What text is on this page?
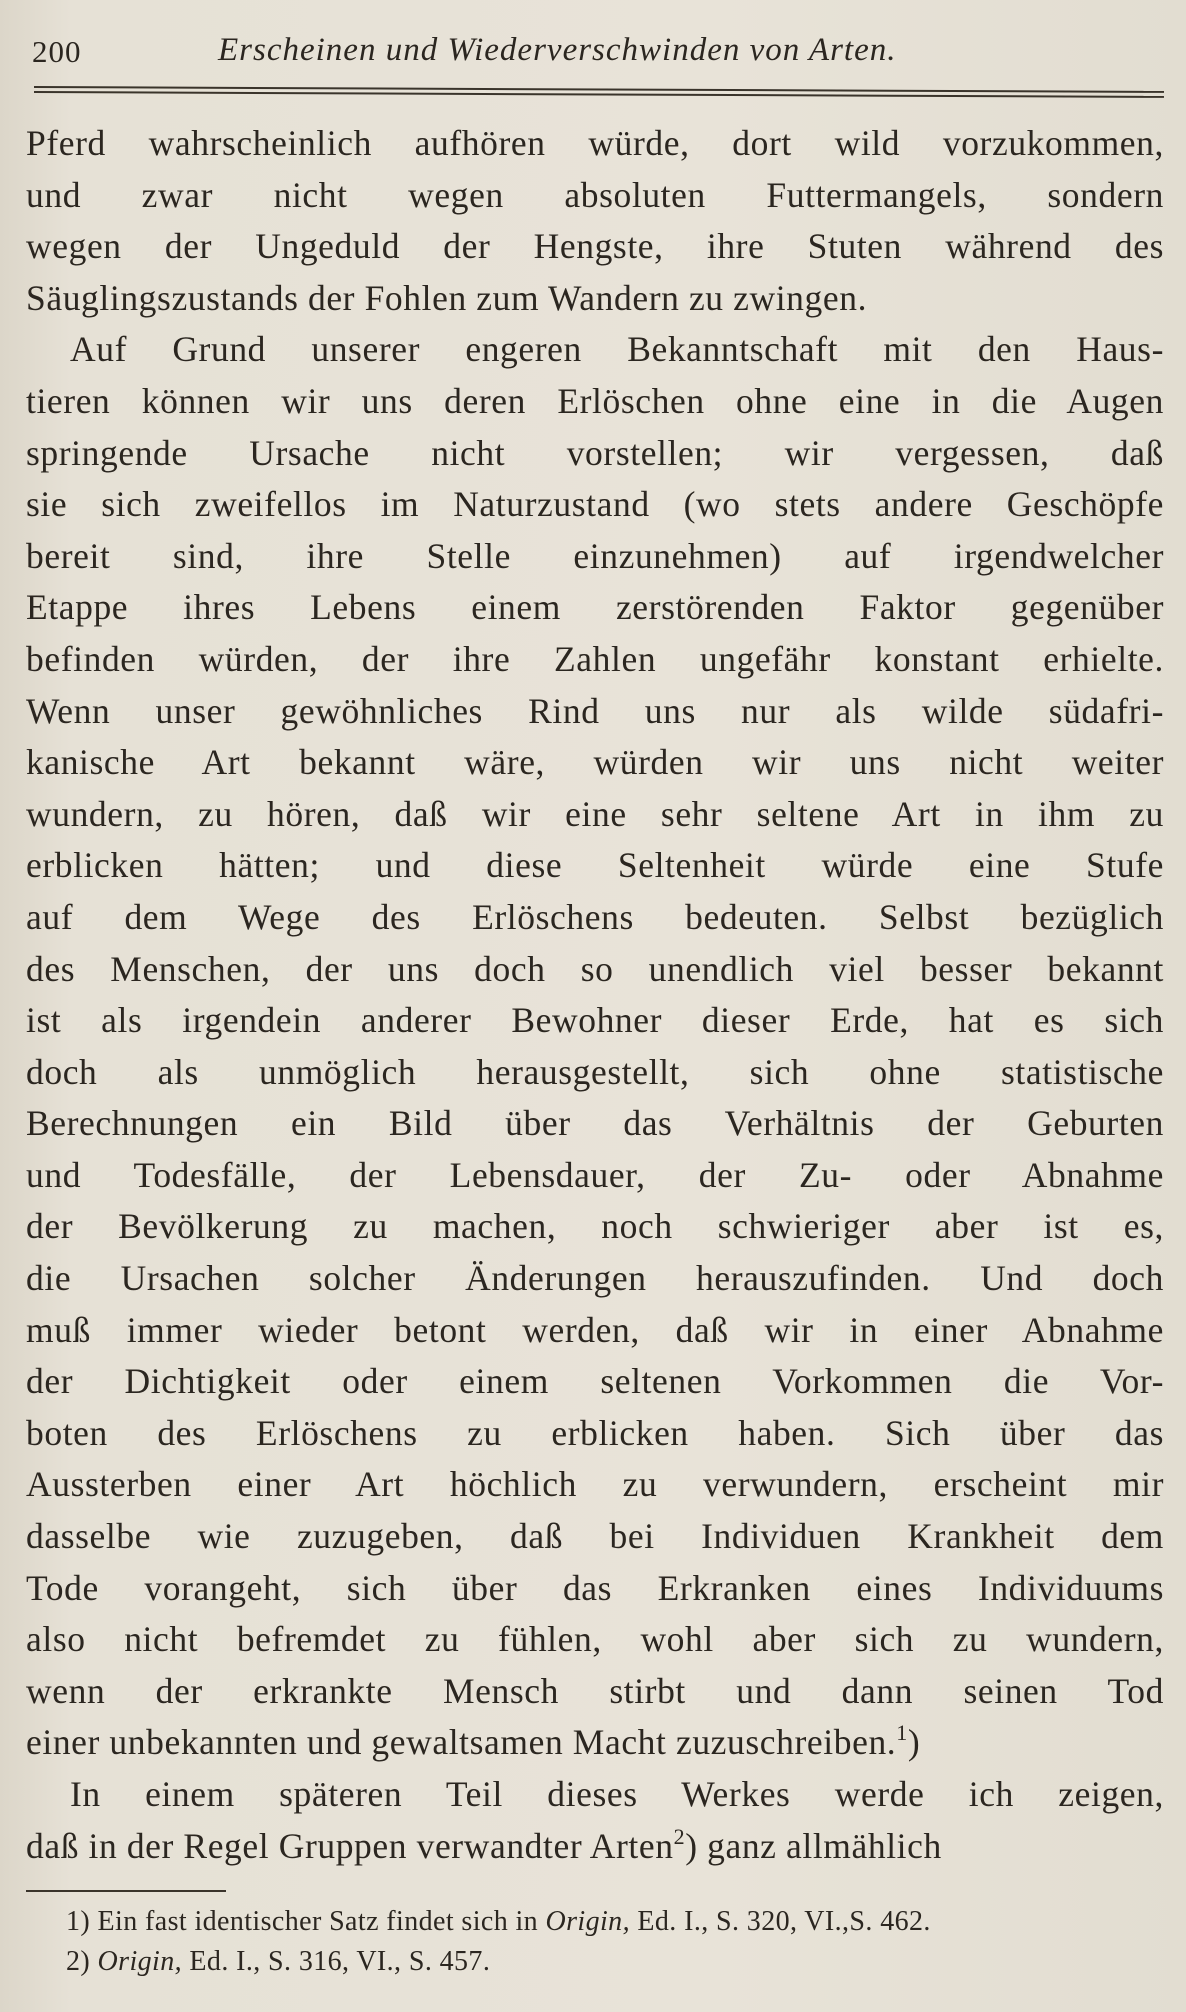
200	Erscheinen und Wiederverschwinden von Arten.
Pferd wahrscheinlich aufhören würde, dort wild vorzukommen,
und zwar nicht wegen absoluten Futtermangels, sondern
wegen der Ungeduld der Hengste, ihre Stuten während des
Säuglingszustands der Fohlen zum Wandern zu zwingen.
Auf Grund unserer engeren Bekanntschaft mit den Haus-
tieren können wir uns deren Erlöschen ohne eine in die Augen
springende Ursache nicht vorstellen; wir vergessen, daß
sie sich zweifellos im Naturzustand (wo stets andere Geschöpfe
bereit sind, ihre Stelle einzunehmen) auf irgendwelcher
Etappe ihres Lebens einem zerstörenden Faktor gegenüber
befinden würden, der ihre Zahlen ungefähr konstant erhielte.
Wenn unser gewöhnliches Rind uns nur als wilde südafri-
kanische Art bekannt wäre, würden wir uns nicht weiter
wundern, zu hören, daß wir eine sehr seltene Art in ihm zu
erblicken hätten; und diese Seltenheit würde eine Stufe
auf dem Wege des Erlöschens bedeuten. Selbst bezüglich
des Menschen, der uns doch so unendlich viel besser bekannt
ist als irgendein anderer Bewohner dieser Erde, hat es sich
doch als unmöglich herausgestellt, sich ohne statistische
Berechnungen ein Bild über das Verhältnis der Geburten
und Todesfälle, der Lebensdauer, der Zu- oder Abnahme
der Bevölkerung zu machen, noch schwieriger aber ist es,
die Ursachen solcher Änderungen herauszufinden. Und doch
muß immer wieder betont werden, daß wir in einer Abnahme
der Dichtigkeit oder einem seltenen Vorkommen die Vor-
boten des Erlöschens zu erblicken haben. Sich über das
Aussterben einer Art höchlich zu verwundern, erscheint mir
dasselbe wie zuzugeben, daß bei Individuen Krankheit dem
Tode vorangeht, sich über das Erkranken eines Individuums
also nicht befremdet zu fühlen, wohl aber sich zu wundern,
wenn der erkrankte Mensch stirbt und dann seinen Tod
einer unbekannten und gewaltsamen Macht zuzuschreiben.$^1$)
In einem späteren Teil dieses Werkes werde ich zeigen,
daß in der Regel Gruppen verwandter Arten$^2$) ganz allmählich
1) Ein fast identischer Satz findet sich in Origin, Ed. I., S. 320, VI.,S. 462.
2) Origin, Ed. I., S. 316, VI., S. 457.
